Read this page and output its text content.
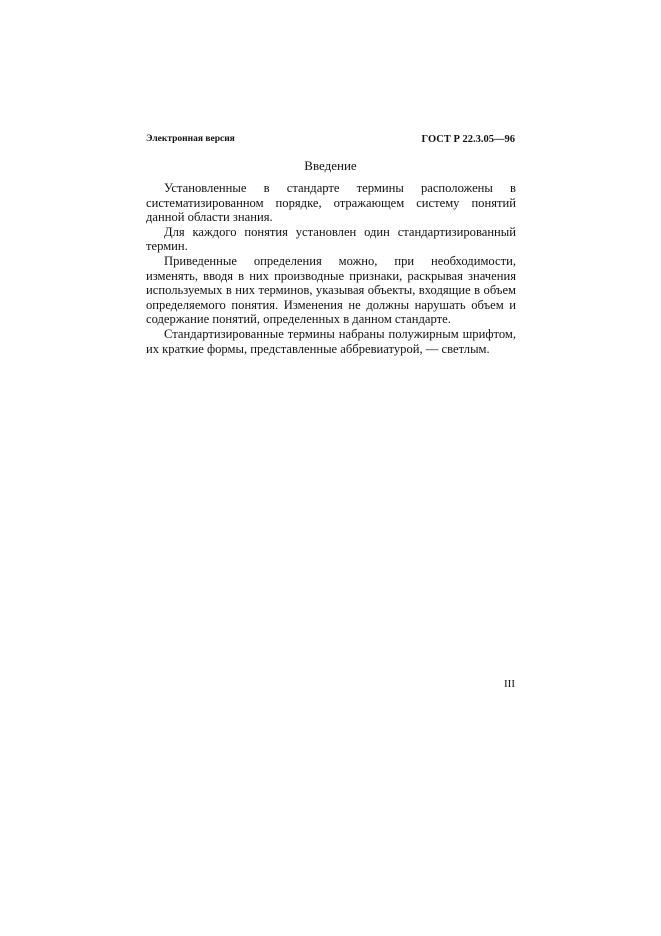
Электронная версия	ГОСТ Р 22.3.05—96
Введение

Установленные в стандарте термины расположены в систематизированном порядке, отражающем систему понятий данной области знания.

Для каждого понятия установлен один стандартизированный термин.

Приведенные определения можно, при необходимости, изменять, вводя в них производные признаки, раскрывая значения используемых в них терминов, указывая объекты, входящие в объем определяемого понятия. Изменения не должны нарушать объем и содержание понятий, определенных в данном стандарте.

Стандартизированные термины набраны полужирным шрифтом, их краткие формы, представленные аббревиатурой, — светлым.

III
